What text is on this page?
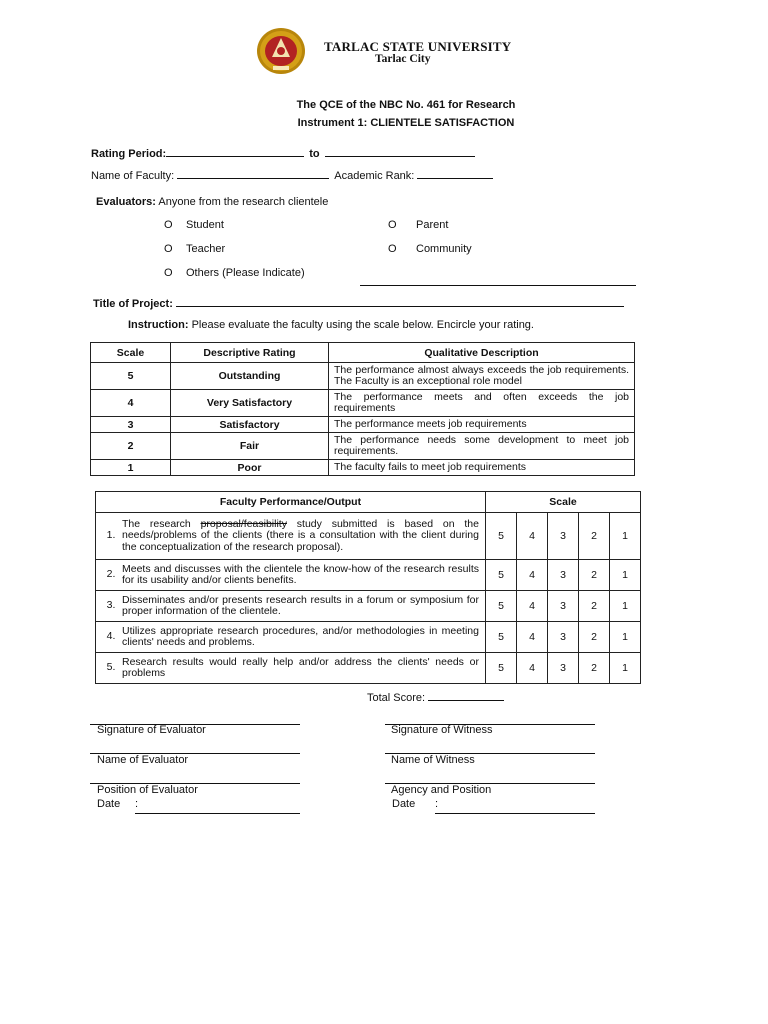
TARLAC STATE UNIVERSITY
Tarlac City
The QCE of the NBC No. 461 for Research
Instrument 1: CLIENTELE SATISFACTION
Rating Period:	to
Name of Faculty:	Academic Rank:
Evaluators: Anyone from the research clientele
O Student	O Parent
O Teacher	O Community
O Others (Please Indicate)
Title of Project:
Instruction: Please evaluate the faculty using the scale below. Encircle your rating.
Scale	Descriptive Rating	Qualitative Description
5	Outstanding	The performance almost always exceeds the job requirements. The Faculty is an exceptional role model
4	Very Satisfactory	The performance meets and often exceeds the job requirements
3	Satisfactory	The performance meets job requirements
2	Fair	The performance needs some development to meet job requirements.
1	Poor	The faculty fails to meet job requirements
Faculty Performance/Output	Scale				

1.
The research proposal/feasibility study submitted is based on the needs/problems of the clients (there is a consultation with the client during the conceptualization of the research proposal).	5	4	3	2	1

2. Meets and discusses with the clientele the know-how of the research results for its usability and/or clients benefits.	5	4	3	2	1

3. Disseminates and/or presents research results in a forum or symposium for proper information of the clientele.	5	4	3	2	1

4. Utilizes appropriate research procedures, and/or methodologies in meeting clients' needs and problems.	5	4	3	2	1

5. Research results would really help and/or address the clients' needs or problems	5	4	3	2	1
Total Score:
Signature of Evaluator	Signature of Witness
Name of Evaluator	Name of Witness
Position of Evaluator	Agency and Position
Date :	Date :
